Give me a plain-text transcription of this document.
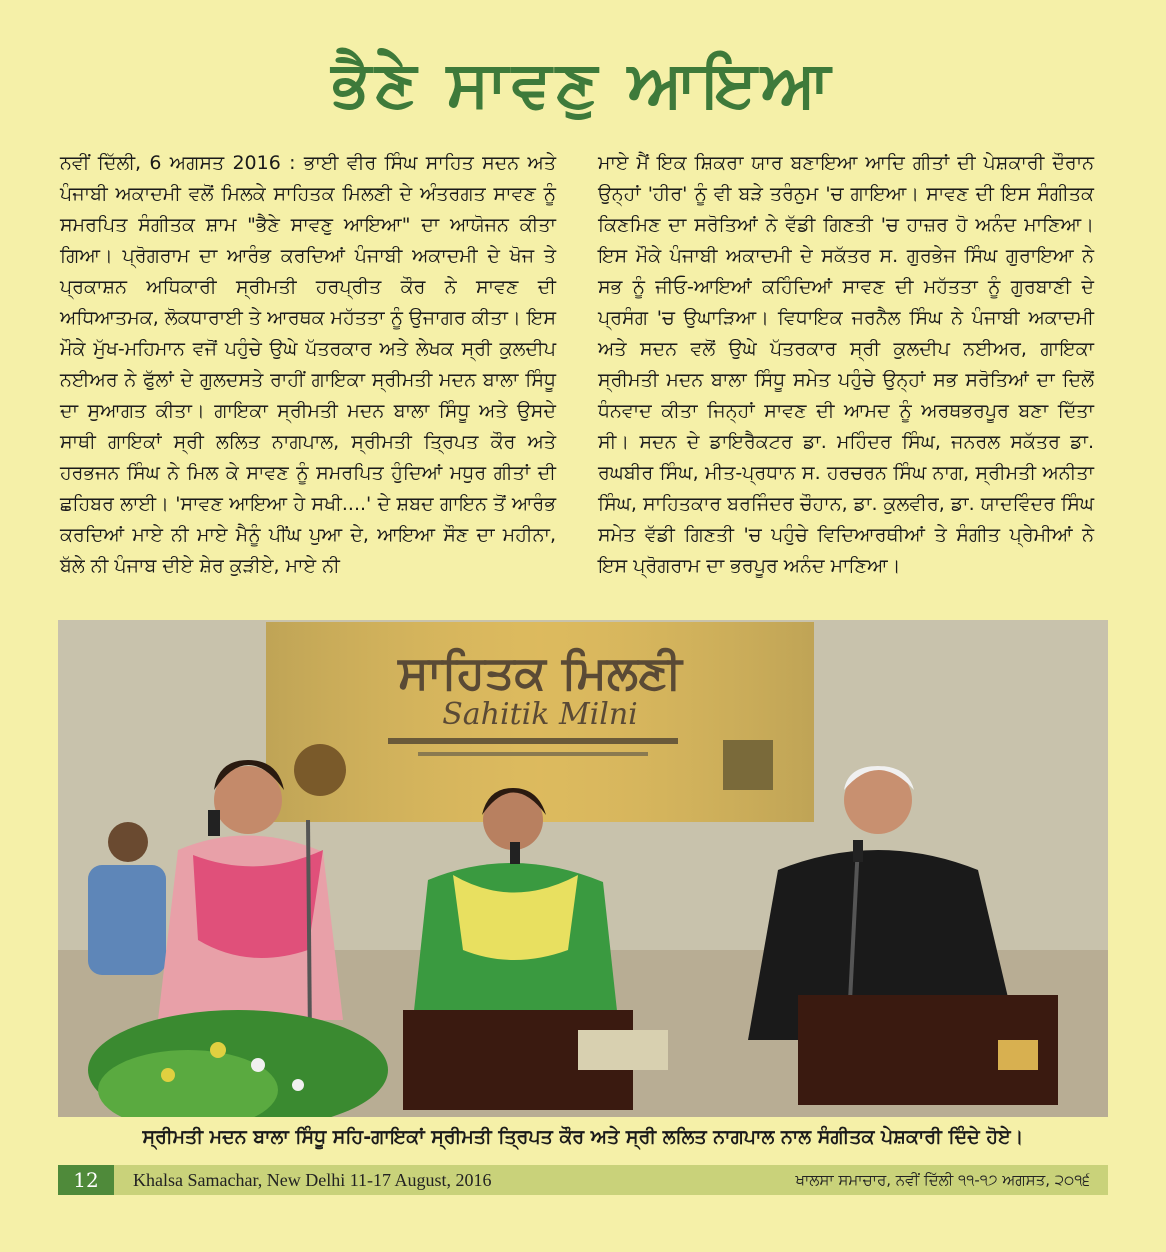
ਭੈਣੇ ਸਾਵਣੁ ਆਇਆ
ਨਵੀਂ ਦਿੱਲੀ, 6 ਅਗਸਤ 2016 : ਭਾਈ ਵੀਰ ਸਿੰਘ ਸਾਹਿਤ ਸਦਨ ਅਤੇ ਪੰਜਾਬੀ ਅਕਾਦਮੀ ਵਲੋਂ ਮਿਲਕੇ ਸਾਹਿਤਕ ਮਿਲਣੀ ਦੇ ਅੰਤਰਗਤ ਸਾਵਣ ਨੂੰ ਸਮਰਪਿਤ ਸੰਗੀਤਕ ਸ਼ਾਮ "ਭੈਣੇ ਸਾਵਣੁ ਆਇਆ" ਦਾ ਆਯੋਜਨ ਕੀਤਾ ਗਿਆ। ਪ੍ਰੋਗਰਾਮ ਦਾ ਆਰੰਭ ਕਰਦਿਆਂ ਪੰਜਾਬੀ ਅਕਾਦਮੀ ਦੇ ਖੋਜ ਤੇ ਪ੍ਰਕਾਸ਼ਨ ਅਧਿਕਾਰੀ ਸ੍ਰੀਮਤੀ ਹਰਪ੍ਰੀਤ ਕੌਰ ਨੇ ਸਾਵਣ ਦੀ ਅਧਿਆਤਮਕ, ਲੋਕਧਾਰਾਈ ਤੇ ਆਰਥਕ ਮਹੱਤਤਾ ਨੂੰ ਉਜਾਗਰ ਕੀਤਾ। ਇਸ ਮੌਕੇ ਮੁੱਖ-ਮਹਿਮਾਨ ਵਜੋਂ ਪਹੁੰਚੇ ਉਘੇ ਪੱਤਰਕਾਰ ਅਤੇ ਲੇਖਕ ਸ੍ਰੀ ਕੁਲਦੀਪ ਨਈਅਰ ਨੇ ਫੁੱਲਾਂ ਦੇ ਗੁਲਦਸਤੇ ਰਾਹੀਂ ਗਾਇਕਾ ਸ੍ਰੀਮਤੀ ਮਦਨ ਬਾਲਾ ਸਿੰਧੂ ਦਾ ਸੁਆਗਤ ਕੀਤਾ। ਗਾਇਕਾ ਸ੍ਰੀਮਤੀ ਮਦਨ ਬਾਲਾ ਸਿੰਧੂ ਅਤੇ ਉਸਦੇ ਸਾਥੀ ਗਾਇਕਾਂ ਸ੍ਰੀ ਲਲਿਤ ਨਾਗਪਾਲ, ਸ੍ਰੀਮਤੀ ਤ੍ਰਿਪਤ ਕੌਰ ਅਤੇ ਹਰਭਜਨ ਸਿੰਘ ਨੇ ਮਿਲ ਕੇ ਸਾਵਣ ਨੂੰ ਸਮਰਪਿਤ ਹੁੰਦਿਆਂ ਮਧੁਰ ਗੀਤਾਂ ਦੀ ਛਹਿਬਰ ਲਾਈ। 'ਸਾਵਣ ਆਇਆ ਹੇ ਸਖੀ....' ਦੇ ਸ਼ਬਦ ਗਾਇਨ ਤੋਂ ਆਰੰਭ ਕਰਦਿਆਂ ਮਾਏ ਨੀ ਮਾਏ ਮੈਨੂੰ ਪੀਂਘ ਪੁਆ ਦੇ, ਆਇਆ ਸੌਣ ਦਾ ਮਹੀਨਾ, ਬੱਲੇ ਨੀ ਪੰਜਾਬ ਦੀਏ ਸ਼ੇਰ ਕੁੜੀਏ, ਮਾਏ ਨੀ
ਮਾਏ ਮੈਂ ਇਕ ਸ਼ਿਕਰਾ ਯਾਰ ਬਣਾਇਆ ਆਦਿ ਗੀਤਾਂ ਦੀ ਪੇਸ਼ਕਾਰੀ ਦੌਰਾਨ ਉਨ੍ਹਾਂ 'ਹੀਰ' ਨੂੰ ਵੀ ਬੜੇ ਤਰੰਨੁਮ 'ਚ ਗਾਇਆ। ਸਾਵਣ ਦੀ ਇਸ ਸੰਗੀਤਕ ਕਿਣਮਿਣ ਦਾ ਸਰੋਤਿਆਂ ਨੇ ਵੱਡੀ ਗਿਣਤੀ 'ਚ ਹਾਜ਼ਰ ਹੋ ਅਨੰਦ ਮਾਣਿਆ। ਇਸ ਮੌਕੇ ਪੰਜਾਬੀ ਅਕਾਦਮੀ ਦੇ ਸਕੱਤਰ ਸ. ਗੁਰਭੇਜ ਸਿੰਘ ਗੁਰਾਇਆ ਨੇ ਸਭ ਨੂੰ ਜੀਓ-ਆਇਆਂ ਕਹਿੰਦਿਆਂ ਸਾਵਣ ਦੀ ਮਹੱਤਤਾ ਨੂੰ ਗੁਰਬਾਣੀ ਦੇ ਪ੍ਰਸੰਗ 'ਚ ਉਘਾੜਿਆ। ਵਿਧਾਇਕ ਜਰਨੈਲ ਸਿੰਘ ਨੇ ਪੰਜਾਬੀ ਅਕਾਦਮੀ ਅਤੇ ਸਦਨ ਵਲੋਂ ਉਘੇ ਪੱਤਰਕਾਰ ਸ੍ਰੀ ਕੁਲਦੀਪ ਨਈਅਰ, ਗਾਇਕਾ ਸ੍ਰੀਮਤੀ ਮਦਨ ਬਾਲਾ ਸਿੰਧੂ ਸਮੇਤ ਪਹੁੰਚੇ ਉਨ੍ਹਾਂ ਸਭ ਸਰੋਤਿਆਂ ਦਾ ਦਿਲੋਂ ਧੰਨਵਾਦ ਕੀਤਾ ਜਿਨ੍ਹਾਂ ਸਾਵਣ ਦੀ ਆਮਦ ਨੂੰ ਅਰਥਭਰਪੂਰ ਬਣਾ ਦਿੱਤਾ ਸੀ। ਸਦਨ ਦੇ ਡਾਇਰੈਕਟਰ ਡਾ. ਮਹਿੰਦਰ ਸਿੰਘ, ਜਨਰਲ ਸਕੱਤਰ ਡਾ. ਰਘਬੀਰ ਸਿੰਘ, ਮੀਤ-ਪ੍ਰਧਾਨ ਸ. ਹਰਚਰਨ ਸਿੰਘ ਨਾਗ, ਸ੍ਰੀਮਤੀ ਅਨੀਤਾ ਸਿੰਘ, ਸਾਹਿਤਕਾਰ ਬਰਜਿੰਦਰ ਚੌਹਾਨ, ਡਾ. ਕੁਲਵੀਰ, ਡਾ. ਯਾਦਵਿੰਦਰ ਸਿੰਘ ਸਮੇਤ ਵੱਡੀ ਗਿਣਤੀ 'ਚ ਪਹੁੰਚੇ ਵਿਦਿਆਰਥੀਆਂ ਤੇ ਸੰਗੀਤ ਪ੍ਰੇਮੀਆਂ ਨੇ ਇਸ ਪ੍ਰੋਗਰਾਮ ਦਾ ਭਰਪੂਰ ਅਨੰਦ ਮਾਣਿਆ।
ਸਾਹਿਤਕ ਮਿਲਣੀ
Sahitik Milni
ਸ੍ਰੀਮਤੀ ਮਦਨ ਬਾਲਾ ਸਿੰਧੂ ਸਹਿ-ਗਾਇਕਾਂ ਸ੍ਰੀਮਤੀ ਤ੍ਰਿਪਤ ਕੌਰ ਅਤੇ ਸ੍ਰੀ ਲਲਿਤ ਨਾਗਪਾਲ ਨਾਲ ਸੰਗੀਤਕ ਪੇਸ਼ਕਾਰੀ ਦਿੰਦੇ ਹੋਏ।
12	Khalsa Samachar, New Delhi 11-17 August, 2016	ਖਾਲਸਾ ਸਮਾਚਾਰ, ਨਵੀਂ ਦਿੱਲੀ ੧੧-੧੭ ਅਗਸਤ, ੨੦੧੬
